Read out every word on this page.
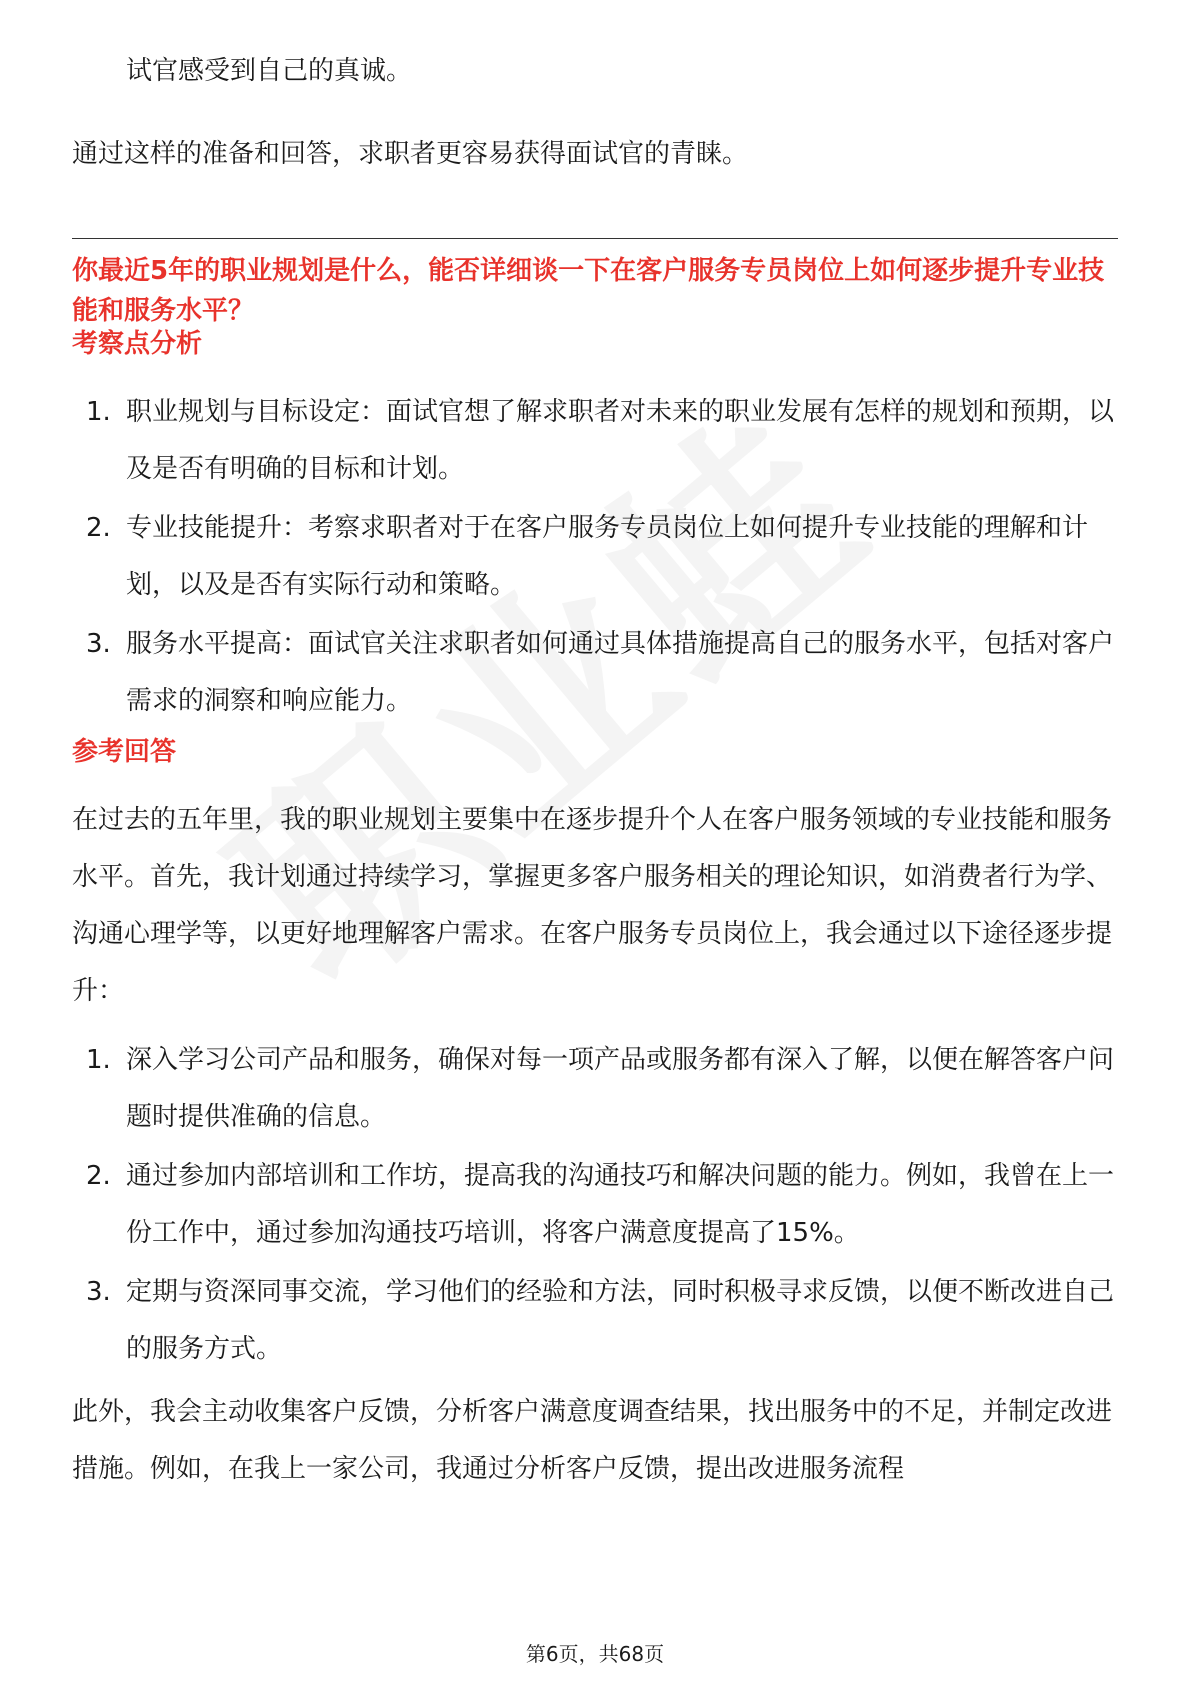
试官感受到自己的真诚。

通过这样的准备和回答，求职者更容易获得面试官的青睐。

你最近5年的职业规划是什么，能否详细谈一下在客户服务专员岗位上如何逐步提升专业技能和服务水平？

考察点分析

1. 职业规划与目标设定：面试官想了解求职者对未来的职业发展有怎样的规划和预期，以及是否有明确的目标和计划。
2. 专业技能提升：考察求职者对于在客户服务专员岗位上如何提升专业技能的理解和计划，以及是否有实际行动和策略。
3. 服务水平提高：面试官关注求职者如何通过具体措施提高自己的服务水平，包括对客户需求的洞察和响应能力。

参考回答

在过去的五年里，我的职业规划主要集中在逐步提升个人在客户服务领域的专业技能和服务水平。首先，我计划通过持续学习，掌握更多客户服务相关的理论知识，如消费者行为学、沟通心理学等，以更好地理解客户需求。在客户服务专员岗位上，我会通过以下途径逐步提升：

1. 深入学习公司产品和服务，确保对每一项产品或服务都有深入了解，以便在解答客户问题时提供准确的信息。
2. 通过参加内部培训和工作坊，提高我的沟通技巧和解决问题的能力。例如，我曾在上一份工作中，通过参加沟通技巧培训，将客户满意度提高了15%。
3. 定期与资深同事交流，学习他们的经验和方法，同时积极寻求反馈，以便不断改进自己的服务方式。

此外，我会主动收集客户反馈，分析客户满意度调查结果，找出服务中的不足，并制定改进措施。例如，在我上一家公司，我通过分析客户反馈，提出改进服务流程

第6页，共68页
